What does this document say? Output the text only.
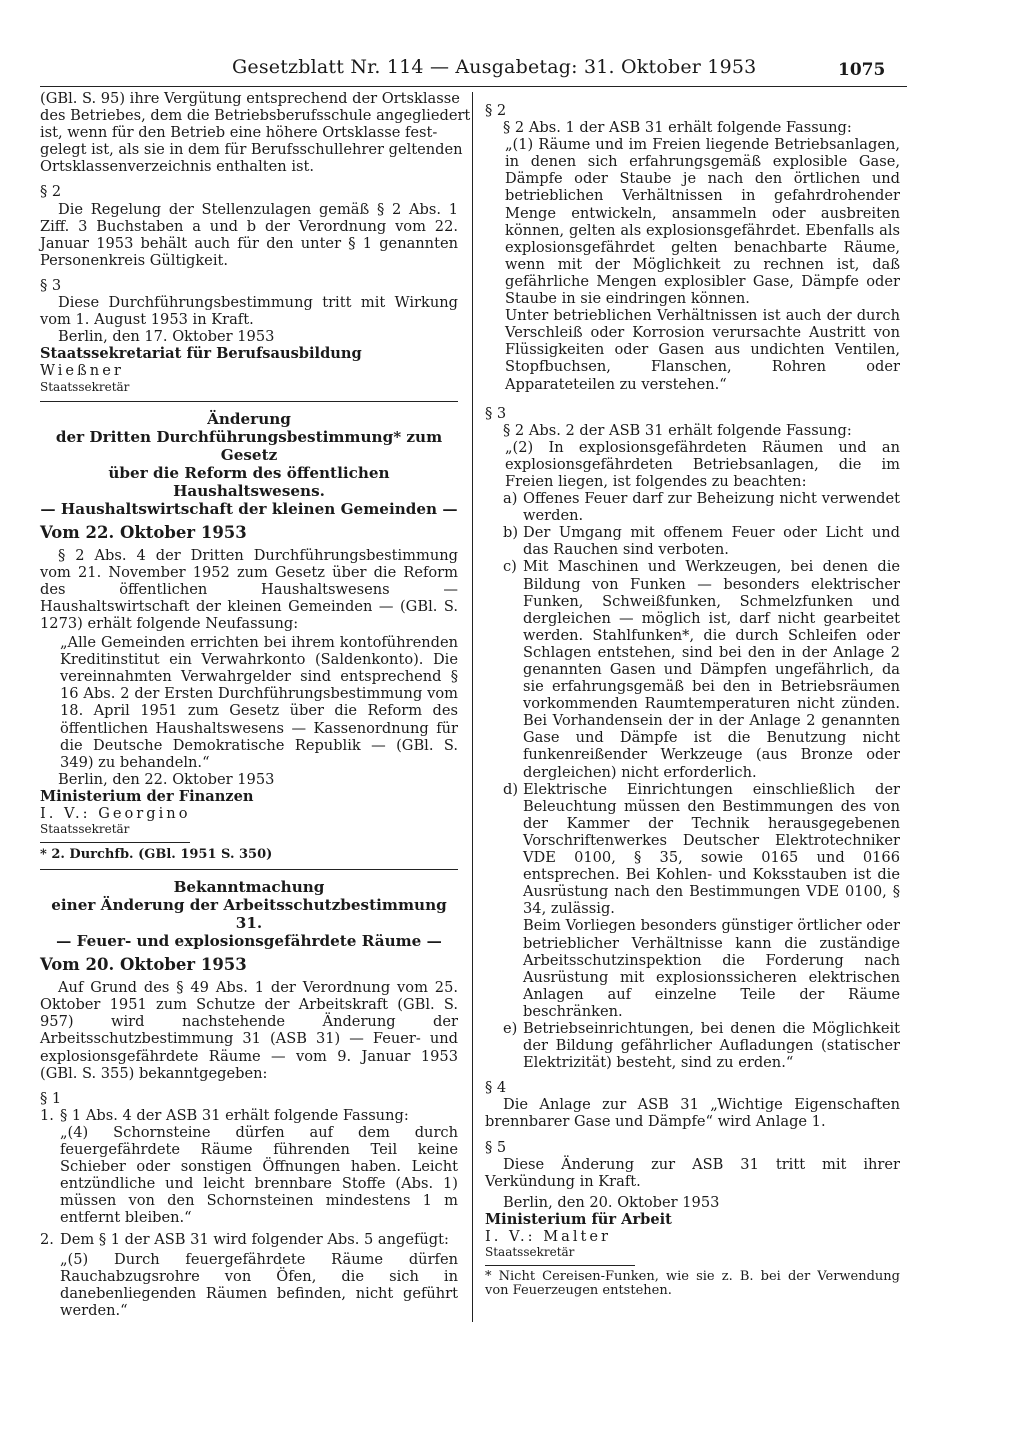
Gesetzblatt Nr. 114 — Ausgabetag: 31. Oktober 1953	1075
(GBl. S. 95) ihre Vergütung entsprechend der Ortsklasse
des Betriebes, dem die Betriebsberufsschule angegliedert
ist, wenn für den Betrieb eine höhere Ortsklasse fest-
gelegt ist, als sie in dem für Berufsschullehrer geltenden
Ortsklassenverzeichnis enthalten ist.

§ 2

Die Regelung der Stellenzulagen gemäß § 2 Abs. 1 Ziff. 3 Buchstaben a und b der Verordnung vom 22. Januar 1953 behält auch für den unter § 1 genannten Personenkreis Gültigkeit.

§ 3

Diese Durchführungsbestimmung tritt mit Wirkung vom 1. August 1953 in Kraft.

Berlin, den 17. Oktober 1953

Staatssekretariat für Berufsausbildung

Wießner

Staatssekretär

Änderung
der Dritten Durchführungsbestimmung* zum Gesetz
über die Reform des öffentlichen Haushaltswesens.
— Haushaltswirtschaft der kleinen Gemeinden —

Vom 22. Oktober 1953

§ 2 Abs. 4 der Dritten Durchführungsbestimmung vom 21. November 1952 zum Gesetz über die Reform des öffentlichen Haushaltswesens — Haushaltswirtschaft der kleinen Gemeinden — (GBl. S. 1273) erhält folgende Neufassung:

„Alle Gemeinden errichten bei ihrem kontoführenden Kreditinstitut ein Verwahrkonto (Saldenkonto). Die vereinnahmten Verwahrgelder sind entsprechend § 16 Abs. 2 der Ersten Durchführungsbestimmung vom 18. April 1951 zum Gesetz über die Reform des öffentlichen Haushaltswesens — Kassenordnung für die Deutsche Demokratische Republik — (GBl. S. 349) zu behandeln.“

Berlin, den 22. Oktober 1953

Ministerium der Finanzen

I. V.: Georgino

Staatssekretär

* 2. Durchfb. (GBl. 1951 S. 350)

Bekanntmachung
einer Änderung der Arbeitsschutzbestimmung 31.
— Feuer- und explosionsgefährdete Räume —

Vom 20. Oktober 1953

Auf Grund des § 49 Abs. 1 der Verordnung vom 25. Oktober 1951 zum Schutze der Arbeitskraft (GBl. S. 957) wird nachstehende Änderung der Arbeitsschutzbestimmung 31 (ASB 31) — Feuer- und explosionsgefährdete Räume — vom 9. Januar 1953 (GBl. S. 355) bekanntgegeben:

§ 1

1. § 1 Abs. 4 der ASB 31 erhält folgende Fassung:

„(4) Schornsteine dürfen auf dem durch feuergefährdete Räume führenden Teil keine Schieber oder sonstigen Öffnungen haben. Leicht entzündliche und leicht brennbare Stoffe (Abs. 1) müssen von den Schornsteinen mindestens 1 m entfernt bleiben.“

2. Dem § 1 der ASB 31 wird folgender Abs. 5 angefügt:

„(5) Durch feuergefährdete Räume dürfen Rauchabzugsrohre von Öfen, die sich in danebenliegenden Räumen befinden, nicht geführt werden.“

§ 2

§ 2 Abs. 1 der ASB 31 erhält folgende Fassung:

„(1) Räume und im Freien liegende Betriebsanlagen, in denen sich erfahrungsgemäß explosible Gase, Dämpfe oder Staube je nach den örtlichen und betrieblichen Verhältnissen in gefahrdrohender Menge entwickeln, ansammeln oder ausbreiten können, gelten als explosionsgefährdet. Ebenfalls als explosionsgefährdet gelten benachbarte Räume, wenn mit der Möglichkeit zu rechnen ist, daß gefährliche Mengen explosibler Gase, Dämpfe oder Staube in sie eindringen können.

Unter betrieblichen Verhältnissen ist auch der durch Verschleiß oder Korrosion verursachte Austritt von Flüssigkeiten oder Gasen aus undichten Ventilen, Stopfbuchsen, Flanschen, Rohren oder Apparateteilen zu verstehen.“

§ 3

§ 2 Abs. 2 der ASB 31 erhält folgende Fassung:

„(2) In explosionsgefährdeten Räumen und an explosionsgefährdeten Betriebsanlagen, die im Freien liegen, ist folgendes zu beachten:

a) Offenes Feuer darf zur Beheizung nicht verwendet werden.

b) Der Umgang mit offenem Feuer oder Licht und das Rauchen sind verboten.

c) Mit Maschinen und Werkzeugen, bei denen die Bildung von Funken — besonders elektrischer Funken, Schweißfunken, Schmelzfunken und dergleichen — möglich ist, darf nicht gearbeitet werden. Stahlfunken*, die durch Schleifen oder Schlagen entstehen, sind bei den in der Anlage 2 genannten Gasen und Dämpfen ungefährlich, da sie erfahrungsgemäß bei den in Betriebsräumen vorkommenden Raumtemperaturen nicht zünden. Bei Vorhandensein der in der Anlage 2 genannten Gase und Dämpfe ist die Benutzung nicht funkenreißender Werkzeuge (aus Bronze oder dergleichen) nicht erforderlich.

d) Elektrische Einrichtungen einschließlich der Beleuchtung müssen den Bestimmungen des von der Kammer der Technik herausgegebenen Vorschriftenwerkes Deutscher Elektrotechniker VDE 0100, § 35, sowie 0165 und 0166 entsprechen. Bei Kohlen- und Koksstauben ist die Ausrüstung nach den Bestimmungen VDE 0100, § 34, zulässig.

Beim Vorliegen besonders günstiger örtlicher oder betrieblicher Verhältnisse kann die zuständige Arbeitsschutzinspektion die Forderung nach Ausrüstung mit explosionssicheren elektrischen Anlagen auf einzelne Teile der Räume beschränken.

e) Betriebseinrichtungen, bei denen die Möglichkeit der Bildung gefährlicher Aufladungen (statischer Elektrizität) besteht, sind zu erden.“

§ 4

Die Anlage zur ASB 31 „Wichtige Eigenschaften brennbarer Gase und Dämpfe“ wird Anlage 1.

§ 5

Diese Änderung zur ASB 31 tritt mit ihrer Verkündung in Kraft.

Berlin, den 20. Oktober 1953

Ministerium für Arbeit

I. V.: Malter

Staatssekretär

* Nicht Cereisen-Funken, wie sie z. B. bei der Verwendung von Feuerzeugen entstehen.
